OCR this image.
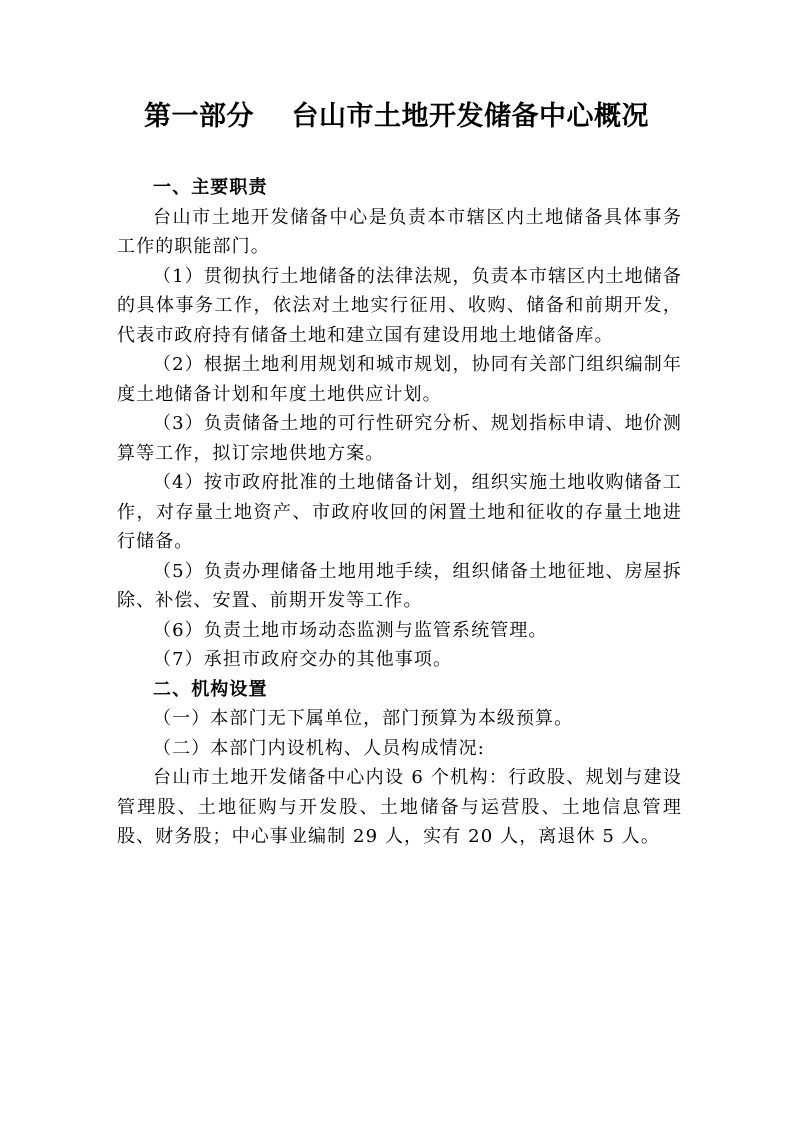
第一部分　 台山市土地开发储备中心概况

一、主要职责

台山市土地开发储备中心是负责本市辖区内土地储备具体事务工作的职能部门。

（1）贯彻执行土地储备的法律法规，负责本市辖区内土地储备的具体事务工作，依法对土地实行征用、收购、储备和前期开发，代表市政府持有储备土地和建立国有建设用地土地储备库。

（2）根据土地利用规划和城市规划，协同有关部门组织编制年度土地储备计划和年度土地供应计划。

（3）负责储备土地的可行性研究分析、规划指标申请、地价测算等工作，拟订宗地供地方案。

（4）按市政府批准的土地储备计划，组织实施土地收购储备工作，对存量土地资产、市政府收回的闲置土地和征收的存量土地进行储备。

（5）负责办理储备土地用地手续，组织储备土地征地、房屋拆除、补偿、安置、前期开发等工作。

（6）负责土地市场动态监测与监管系统管理。

（7）承担市政府交办的其他事项。

二、机构设置

（一）本部门无下属单位，部门预算为本级预算。

（二）本部门内设机构、人员构成情况:

台山市土地开发储备中心内设 6 个机构：行政股、规划与建设管理股、土地征购与开发股、土地储备与运营股、土地信息管理股、财务股；中心事业编制 29 人，实有 20 人，离退休 5 人。
